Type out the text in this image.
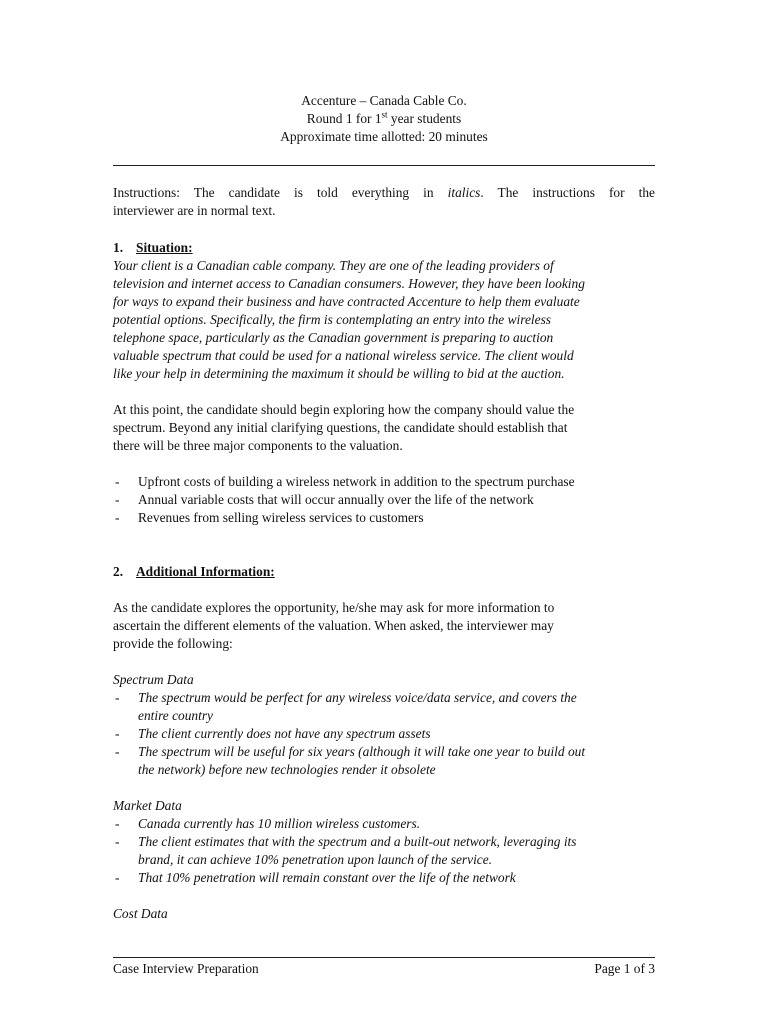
Accenture – Canada Cable Co.
Round 1 for 1st year students
Approximate time allotted: 20 minutes

Instructions: The candidate is told everything in italics. The instructions for the

interviewer are in normal text.

1. Situation:

Your client is a Canadian cable company. They are one of the leading providers of
television and internet access to Canadian consumers. However, they have been looking
for ways to expand their business and have contracted Accenture to help them evaluate
potential options. Specifically, the firm is contemplating an entry into the wireless
telephone space, particularly as the Canadian government is preparing to auction
valuable spectrum that could be used for a national wireless service. The client would
like your help in determining the maximum it should be willing to bid at the auction.
At this point, the candidate should begin exploring how the company should value the
spectrum. Beyond any initial clarifying questions, the candidate should establish that
there will be three major components to the valuation.
- Upfront costs of building a wireless network in addition to the spectrum purchase
- Annual variable costs that will occur annually over the life of the network
- Revenues from selling wireless services to customers

2. Additional Information:

As the candidate explores the opportunity, he/she may ask for more information to
ascertain the different elements of the valuation. When asked, the interviewer may
provide the following:

Spectrum Data

- The spectrum would be perfect for any wireless voice/data service, and covers the
entire country
- The client currently does not have any spectrum assets
- The spectrum will be useful for six years (although it will take one year to build out
the network) before new technologies render it obsolete

Market Data

- Canada currently has 10 million wireless customers.
- The client estimates that with the spectrum and a built-out network, leveraging its
brand, it can achieve 10% penetration upon launch of the service.
- That 10% penetration will remain constant over the life of the network

Cost Data

Case Interview Preparation	Page 1 of 3
